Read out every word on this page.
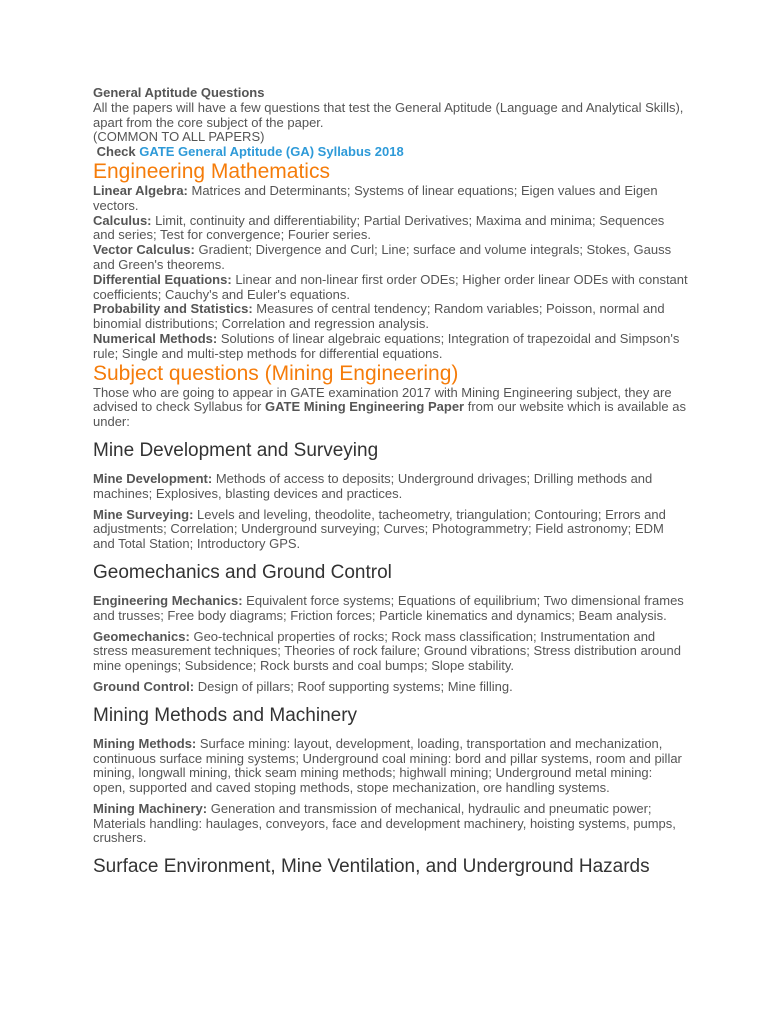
General Aptitude Questions

All the papers will have a few questions that test the General Aptitude (Language and Analytical Skills), apart from the core subject of the paper.

(COMMON TO ALL PAPERS)

Check GATE General Aptitude (GA) Syllabus 2018

Engineering Mathematics

Linear Algebra: Matrices and Determinants; Systems of linear equations; Eigen values and Eigen vectors.

Calculus: Limit, continuity and differentiability; Partial Derivatives; Maxima and minima; Sequences and series; Test for convergence; Fourier series.

Vector Calculus: Gradient; Divergence and Curl; Line; surface and volume integrals; Stokes, Gauss and Green's theorems.

Differential Equations: Linear and non-linear first order ODEs; Higher order linear ODEs with constant coefficients; Cauchy's and Euler's equations.

Probability and Statistics: Measures of central tendency; Random variables; Poisson, normal and binomial distributions; Correlation and regression analysis.

Numerical Methods: Solutions of linear algebraic equations; Integration of trapezoidal and Simpson's rule; Single and multi-step methods for differential equations.

Subject questions (Mining Engineering)

Those who are going to appear in GATE examination 2017 with Mining Engineering subject, they are advised to check Syllabus for GATE Mining Engineering Paper from our website which is available as under:

Mine Development and Surveying

Mine Development: Methods of access to deposits; Underground drivages; Drilling methods and machines; Explosives, blasting devices and practices.

Mine Surveying: Levels and leveling, theodolite, tacheometry, triangulation; Contouring; Errors and adjustments; Correlation; Underground surveying; Curves; Photogrammetry; Field astronomy; EDM and Total Station; Introductory GPS.

Geomechanics and Ground Control

Engineering Mechanics: Equivalent force systems; Equations of equilibrium; Two dimensional frames and trusses; Free body diagrams; Friction forces; Particle kinematics and dynamics; Beam analysis.

Geomechanics: Geo-technical properties of rocks; Rock mass classification; Instrumentation and stress measurement techniques; Theories of rock failure; Ground vibrations; Stress distribution around mine openings; Subsidence; Rock bursts and coal bumps; Slope stability.

Ground Control: Design of pillars; Roof supporting systems; Mine filling.

Mining Methods and Machinery

Mining Methods: Surface mining: layout, development, loading, transportation and mechanization, continuous surface mining systems; Underground coal mining: bord and pillar systems, room and pillar mining, longwall mining, thick seam mining methods; highwall mining; Underground metal mining: open, supported and caved stoping methods, stope mechanization, ore handling systems.

Mining Machinery: Generation and transmission of mechanical, hydraulic and pneumatic power; Materials handling: haulages, conveyors, face and development machinery, hoisting systems, pumps, crushers.

Surface Environment, Mine Ventilation, and Underground Hazards
